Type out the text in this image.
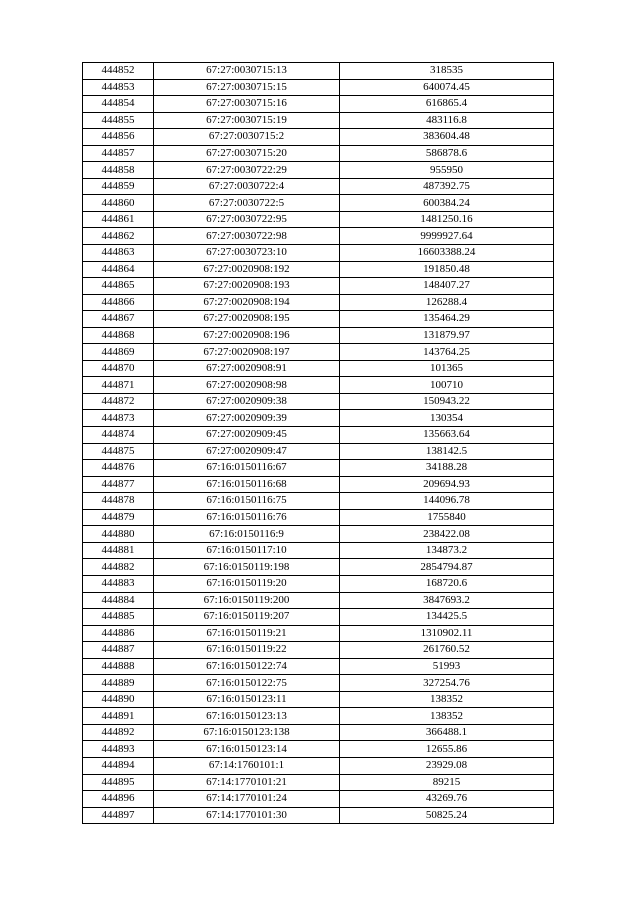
444852	67:27:0030715:13	318535
444853	67:27:0030715:15	640074.45
444854	67:27:0030715:16	616865.4
444855	67:27:0030715:19	483116.8
444856	67:27:0030715:2	383604.48
444857	67:27:0030715:20	586878.6
444858	67:27:0030722:29	955950
444859	67:27:0030722:4	487392.75
444860	67:27:0030722:5	600384.24
444861	67:27:0030722:95	1481250.16
444862	67:27:0030722:98	9999927.64
444863	67:27:0030723:10	16603388.24
444864	67:27:0020908:192	191850.48
444865	67:27:0020908:193	148407.27
444866	67:27:0020908:194	126288.4
444867	67:27:0020908:195	135464.29
444868	67:27:0020908:196	131879.97
444869	67:27:0020908:197	143764.25
444870	67:27:0020908:91	101365
444871	67:27:0020908:98	100710
444872	67:27:0020909:38	150943.22
444873	67:27:0020909:39	130354
444874	67:27:0020909:45	135663.64
444875	67:27:0020909:47	138142.5
444876	67:16:0150116:67	34188.28
444877	67:16:0150116:68	209694.93
444878	67:16:0150116:75	144096.78
444879	67:16:0150116:76	1755840
444880	67:16:0150116:9	238422.08
444881	67:16:0150117:10	134873.2
444882	67:16:0150119:198	2854794.87
444883	67:16:0150119:20	168720.6
444884	67:16:0150119:200	3847693.2
444885	67:16:0150119:207	134425.5
444886	67:16:0150119:21	1310902.11
444887	67:16:0150119:22	261760.52
444888	67:16:0150122:74	51993
444889	67:16:0150122:75	327254.76
444890	67:16:0150123:11	138352
444891	67:16:0150123:13	138352
444892	67:16:0150123:138	366488.1
444893	67:16:0150123:14	12655.86
444894	67:14:1760101:1	23929.08
444895	67:14:1770101:21	89215
444896	67:14:1770101:24	43269.76
444897	67:14:1770101:30	50825.24
